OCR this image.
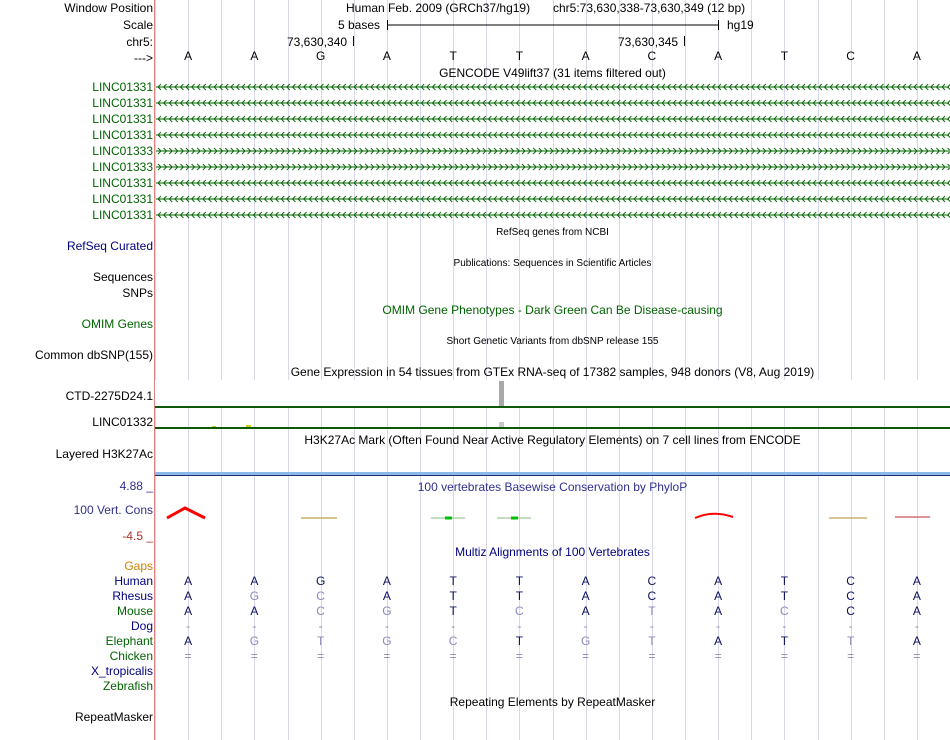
Window Position	Human Feb. 2009 (GRCh37/hg19) chr5:73,630,338-73,630,349 (12 bp)
Scale	5 bases	hg19
chr5:	73,630,340	73,630,345
--->	A	A	G	A	T	T	A	C	A	T	C	A
GENCODE V49lift37 (31 items filtered out)
LINC01331
LINC01331
LINC01331
LINC01331
LINC01333
LINC01333
LINC01331
LINC01331
LINC01331
RefSeq genes from NCBI
RefSeq Curated
Publications: Sequences in Scientific Articles
Sequences
SNPs
OMIM Gene Phenotypes - Dark Green Can Be Disease-causing
OMIM Genes
Short Genetic Variants from dbSNP release 155
Common dbSNP(155)
Gene Expression in 54 tissues from GTEx RNA-seq of 17382 samples, 948 donors (V8, Aug 2019)
CTD-2275D24.1
LINC01332
H3K27Ac Mark (Often Found Near Active Regulatory Elements) on 7 cell lines from ENCODE
Layered H3K27Ac
100 vertebrates Basewise Conservation by PhyloP
4.88 _
100 Vert. Cons
-4.5 _
Multiz Alignments of 100 Vertebrates
Gaps
Human	A	A	G	A	T	T	A	C	A	T	C	A
Rhesus	A	G	C	A	T	T	A	C	A	T	C	A
Mouse	A	A	C	G	T	C	A	T	A	C	C	A
Dog	-	-	-	-	-	-	-	-	-	-	-	-
Elephant	A	G	T	G	C	T	G	T	A	T	T	A
Chicken	=	=	=	=	=	=	=	=	=	=	=	=
X_tropicalis
Zebrafish
Repeating Elements by RepeatMasker
RepeatMasker
